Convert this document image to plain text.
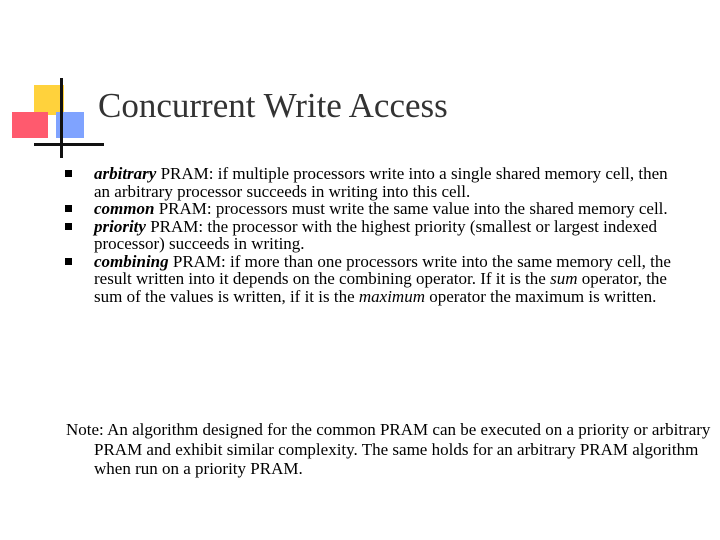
Concurrent Write Access
arbitrary PRAM: if multiple processors write into a single shared memory cell, then an arbitrary processor succeeds in writing into this cell.
common PRAM: processors must write the same value into the shared memory cell.
priority PRAM: the processor with the highest priority (smallest or largest indexed processor) succeeds in writing.
combining PRAM: if more than one processors write into the same memory cell, the result written into it depends on the combining operator. If it is the sum operator, the sum of the values is written, if it is the maximum operator the maximum is written.
Note: An algorithm designed for the common PRAM can be executed on a priority or arbitrary PRAM and exhibit similar complexity. The same holds for an arbitrary PRAM algorithm when run on a priority PRAM.
